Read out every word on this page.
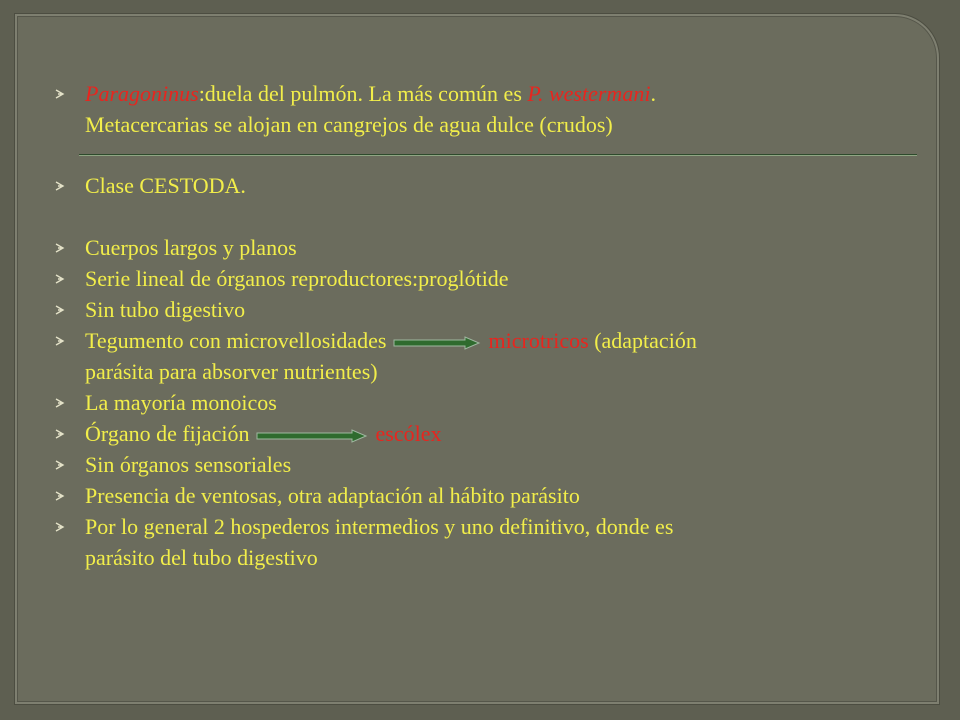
Paragoninus:duela del pulmón. La más común es P. westermani.
Metacercarias se alojan en cangrejos de agua dulce (crudos)
Clase CESTODA.
Cuerpos largos y planos
Serie lineal de órganos reproductores:proglótide
Sin tubo digestivo
Tegumento con microvellosidades	microtricos (adaptación
parásita para absorver nutrientes)
La mayoría monoicos
Órgano de fijación	escólex
Sin órganos sensoriales
Presencia de ventosas, otra adaptación al hábito parásito
Por lo general 2 hospederos intermedios y uno definitivo, donde es
parásito del tubo digestivo
